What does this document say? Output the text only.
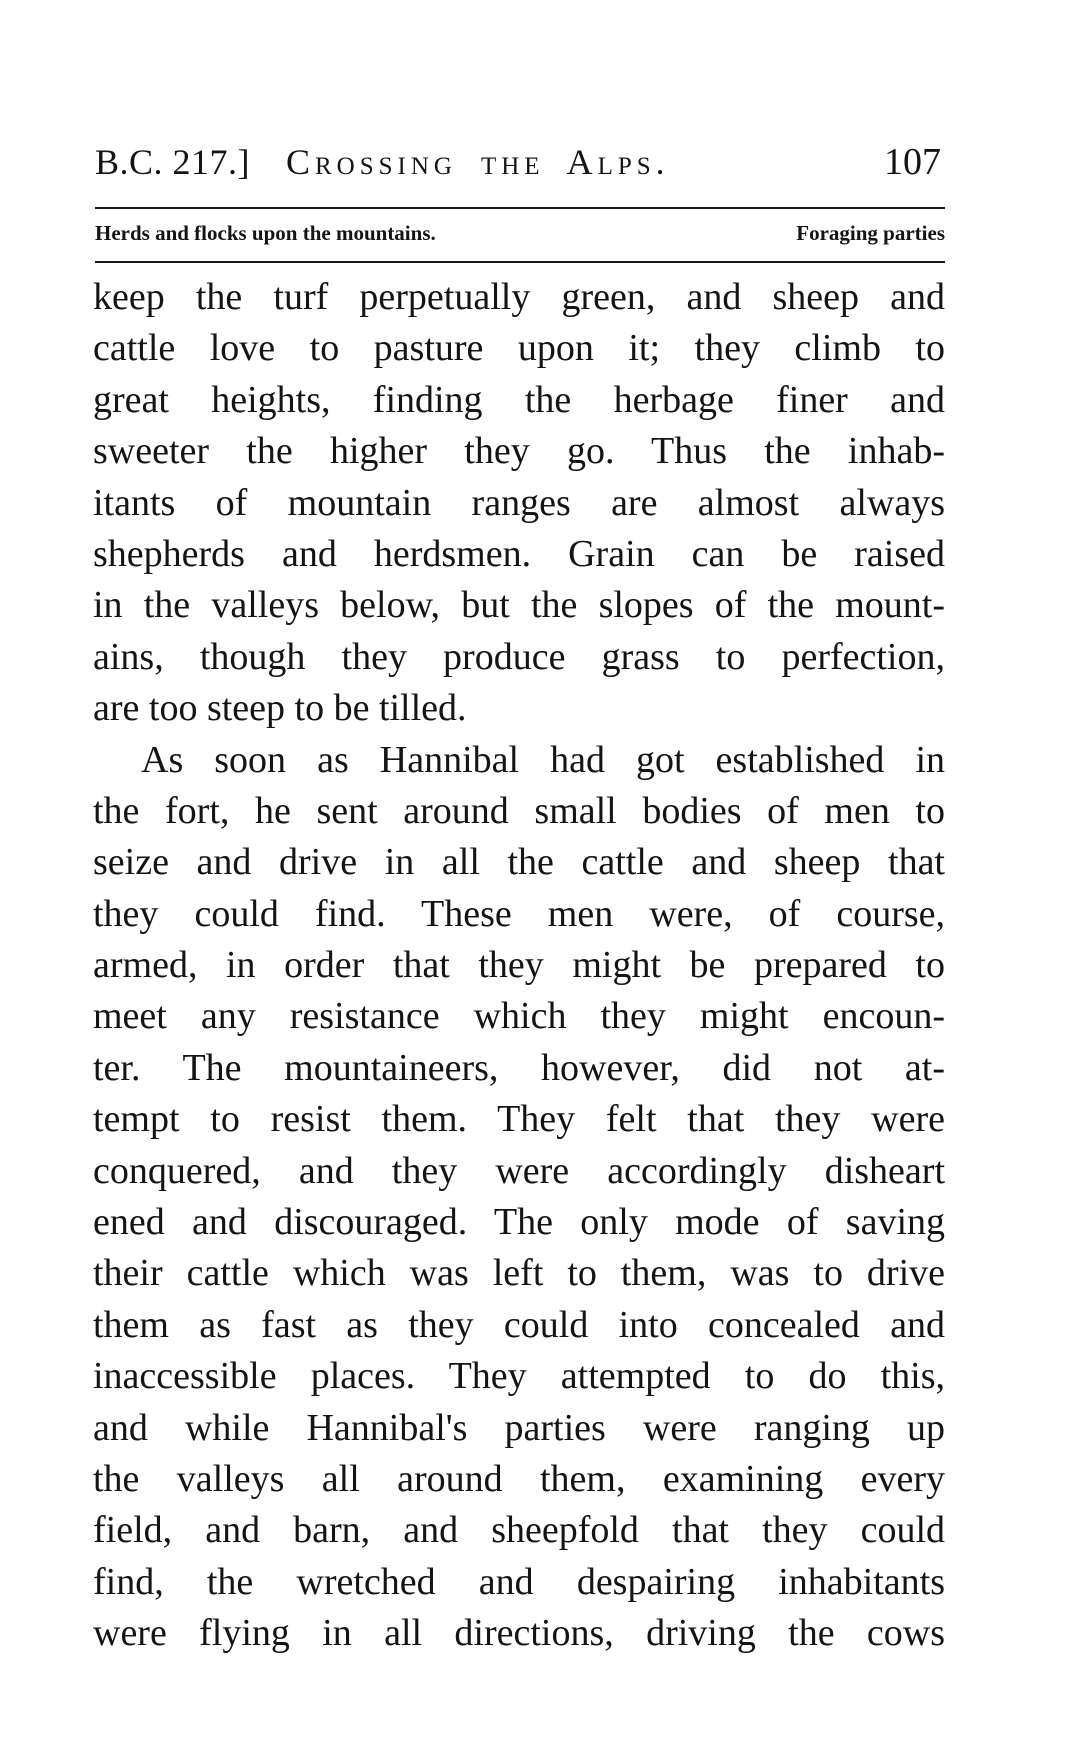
B.C. 217.] Crossing the Alps.	107
Herds and flocks upon the mountains.	Foraging parties
keep the turf perpetually green, and sheep and
cattle love to pasture upon it; they climb to
great heights, finding the herbage finer and
sweeter the higher they go. Thus the inhab-
itants of mountain ranges are almost always
shepherds and herdsmen. Grain can be raised
in the valleys below, but the slopes of the mount-
ains, though they produce grass to perfection,
are too steep to be tilled.
As soon as Hannibal had got established in
the fort, he sent around small bodies of men to
seize and drive in all the cattle and sheep that
they could find. These men were, of course,
armed, in order that they might be prepared to
meet any resistance which they might encoun-
ter. The mountaineers, however, did not at-
tempt to resist them. They felt that they were
conquered, and they were accordingly disheart
ened and discouraged. The only mode of saving
their cattle which was left to them, was to drive
them as fast as they could into concealed and
inaccessible places. They attempted to do this,
and while Hannibal's parties were ranging up
the valleys all around them, examining every
field, and barn, and sheepfold that they could
find, the wretched and despairing inhabitants
were flying in all directions, driving the cows
